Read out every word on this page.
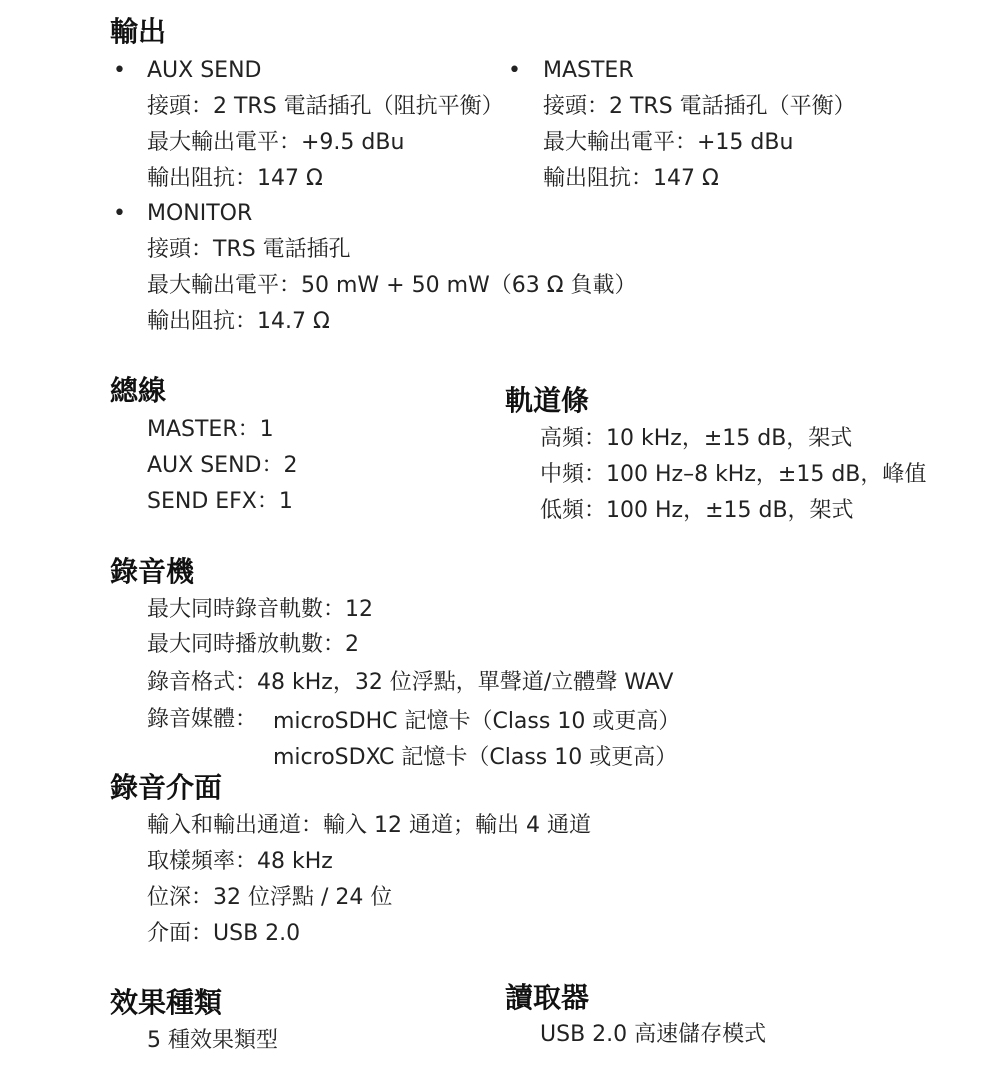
輸出
• AUX SEND
接頭：2 TRS 電話插孔（阻抗平衡）
最大輸出電平：+9.5 dBu
輸出阻抗：147 Ω
• MASTER
接頭：2 TRS 電話插孔（平衡）
最大輸出電平：+15 dBu
輸出阻抗：147 Ω
• MONITOR
接頭：TRS 電話插孔
最大輸出電平：50 mW + 50 mW（63 Ω 負載）
輸出阻抗：14.7 Ω
總線
MASTER：1
AUX SEND：2
SEND EFX：1
軌道條
高頻：10 kHz，±15 dB，架式
中頻：100 Hz–8 kHz，±15 dB，峰值
低頻：100 Hz，±15 dB，架式
錄音機
最大同時錄音軌數：12
最大同時播放軌數：2
錄音格式：48 kHz，32 位浮點，單聲道/立體聲 WAV
錄音媒體： microSDHC 記憶卡（Class 10 或更高）
microSDXC 記憶卡（Class 10 或更高）
錄音介面
輸入和輸出通道：輸入 12 通道；輸出 4 通道
取樣頻率：48 kHz
位深：32 位浮點 / 24 位
介面：USB 2.0
效果種類
5 種效果類型
讀取器
USB 2.0 高速儲存模式
